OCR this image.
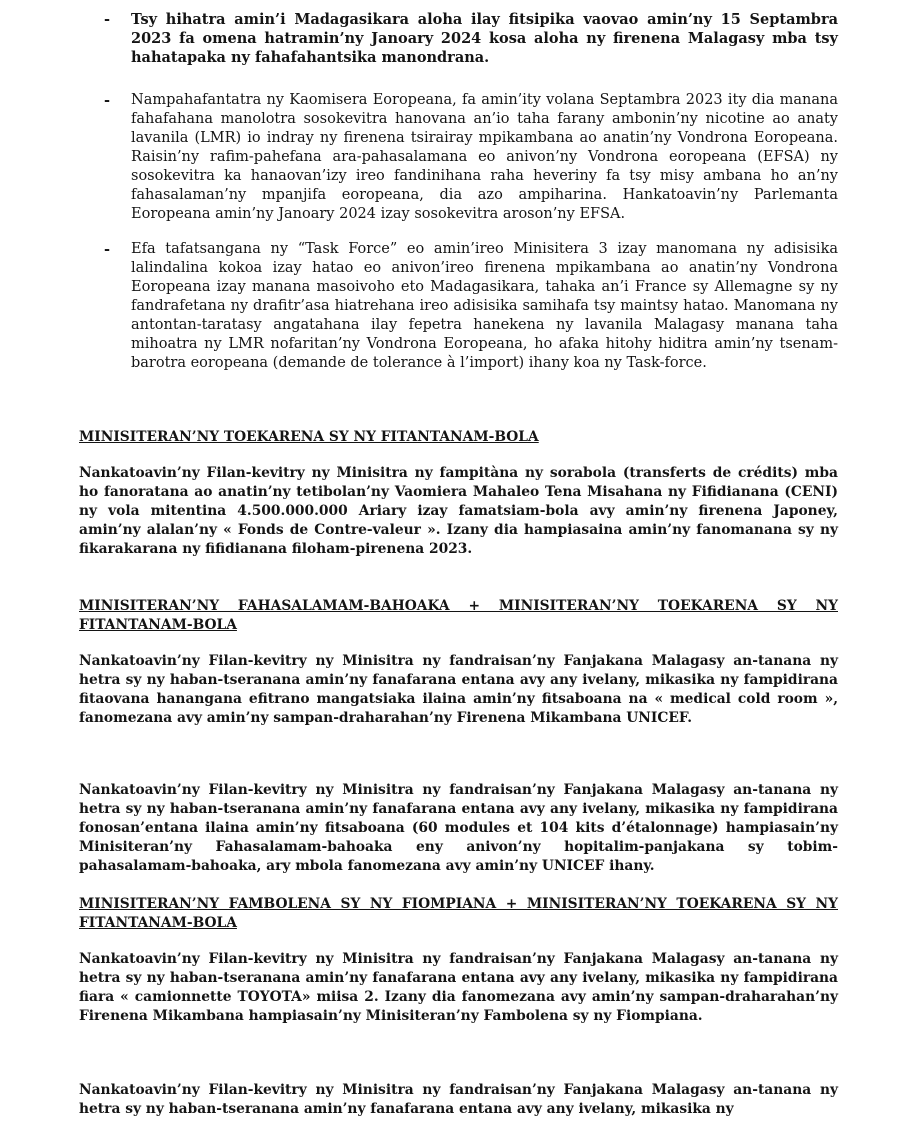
- Tsy hihatra amin’i Madagasikara aloha ilay fitsipika vaovao amin’ny 15 Septambra 2023 fa omena hatramin’ny Janoary 2024 kosa aloha ny firenena Malagasy mba tsy hahatapaka ny fahafahantsika manondrana.
- Nampahafantatra ny Kaomisera Eoropeana, fa amin’ity volana Septambra 2023 ity dia manana fahafahana manolotra sosokevitra hanovana an’io taha farany ambonin’ny nicotine ao anaty lavanila (LMR) io indray ny firenena tsirairay mpikambana ao anatin’ny Vondrona Eoropeana. Raisin’ny rafim-pahefana ara-pahasalamana eo anivon’ny Vondrona eoropeana (EFSA) ny sosokevitra ka hanaovan’izy ireo fandinihana raha heveriny fa tsy misy ambana ho an’ny fahasalaman’ny mpanjifa eoropeana, dia azo ampiharina. Hankatoavin’ny Parlemanta Eoropeana amin’ny Janoary 2024 izay sosokevitra aroson’ny EFSA.
- Efa tafatsangana ny “Task Force” eo amin’ireo Minisitera 3 izay manomana ny adisisika lalindalina kokoa izay hatao eo anivon’ireo firenena mpikambana ao anatin’ny Vondrona Eoropeana izay manana masoivoho eto Madagasikara, tahaka an’i France sy Allemagne sy ny fandrafetana ny drafitr’asa hiatrehana ireo adisisika samihafa tsy maintsy hatao. Manomana ny antontan-taratasy angatahana ilay fepetra hanekena ny lavanila Malagasy manana taha mihoatra ny LMR nofaritan’ny Vondrona Eoropeana, ho afaka hitohy hiditra amin’ny tsenam-barotra eoropeana (demande de tolerance à l’import) ihany koa ny Task-force.
MINISITERAN’NY TOEKARENA SY NY FITANTANAM-BOLA
Nankatoavin’ny Filan-kevitry ny Minisitra ny fampitàna ny sorabola (transferts de crédits) mba ho fanoratana ao anatin’ny tetibolan’ny Vaomiera Mahaleo Tena Misahana ny Fifidianana (CENI) ny vola mitentina 4.500.000.000 Ariary izay famatsiam-bola avy amin’ny firenena Japoney, amin’ny alalan’ny « Fonds de Contre-valeur ». Izany dia hampiasaina amin’ny fanomanana sy ny fikarakarana ny fifidianana filoham-pirenena 2023.
MINISITERAN’NY FAHASALAMAM-BAHOAKA + MINISITERAN’NY TOEKARENA SY NY FITANTANAM-BOLA
Nankatoavin’ny Filan-kevitry ny Minisitra ny fandraisan’ny Fanjakana Malagasy an-tanana ny hetra sy ny haban-tseranana amin’ny fanafarana entana avy any ivelany, mikasika ny fampidirana fitaovana hanangana efitrano mangatsiaka ilaina amin’ny fitsaboana na « medical cold room », fanomezana avy amin’ny sampan-draharahan’ny Firenena Mikambana UNICEF.
Nankatoavin’ny Filan-kevitry ny Minisitra ny fandraisan’ny Fanjakana Malagasy an-tanana ny hetra sy ny haban-tseranana amin’ny fanafarana entana avy any ivelany, mikasika ny fampidirana fonosan’entana ilaina amin’ny fitsaboana (60 modules et 104 kits d’étalonnage) hampiasain’ny Minisiteran’ny Fahasalamam-bahoaka eny anivon’ny hopitalim-panjakana sy tobim-pahasalamam-bahoaka, ary mbola fanomezana avy amin’ny UNICEF ihany.
MINISITERAN’NY FAMBOLENA SY NY FIOMPIANA + MINISITERAN’NY TOEKARENA SY NY FITANTANAM-BOLA
Nankatoavin’ny Filan-kevitry ny Minisitra ny fandraisan’ny Fanjakana Malagasy an-tanana ny hetra sy ny haban-tseranana amin’ny fanafarana entana avy any ivelany, mikasika ny fampidirana fiara « camionnette TOYOTA» miisa 2. Izany dia fanomezana avy amin’ny sampan-draharahan’ny Firenena Mikambana hampiasain’ny Minisiteran’ny Fambolena sy ny Fiompiana.
Nankatoavin’ny Filan-kevitry ny Minisitra ny fandraisan’ny Fanjakana Malagasy an-tanana ny hetra sy ny haban-tseranana amin’ny fanafarana entana avy any ivelany, mikasika ny
